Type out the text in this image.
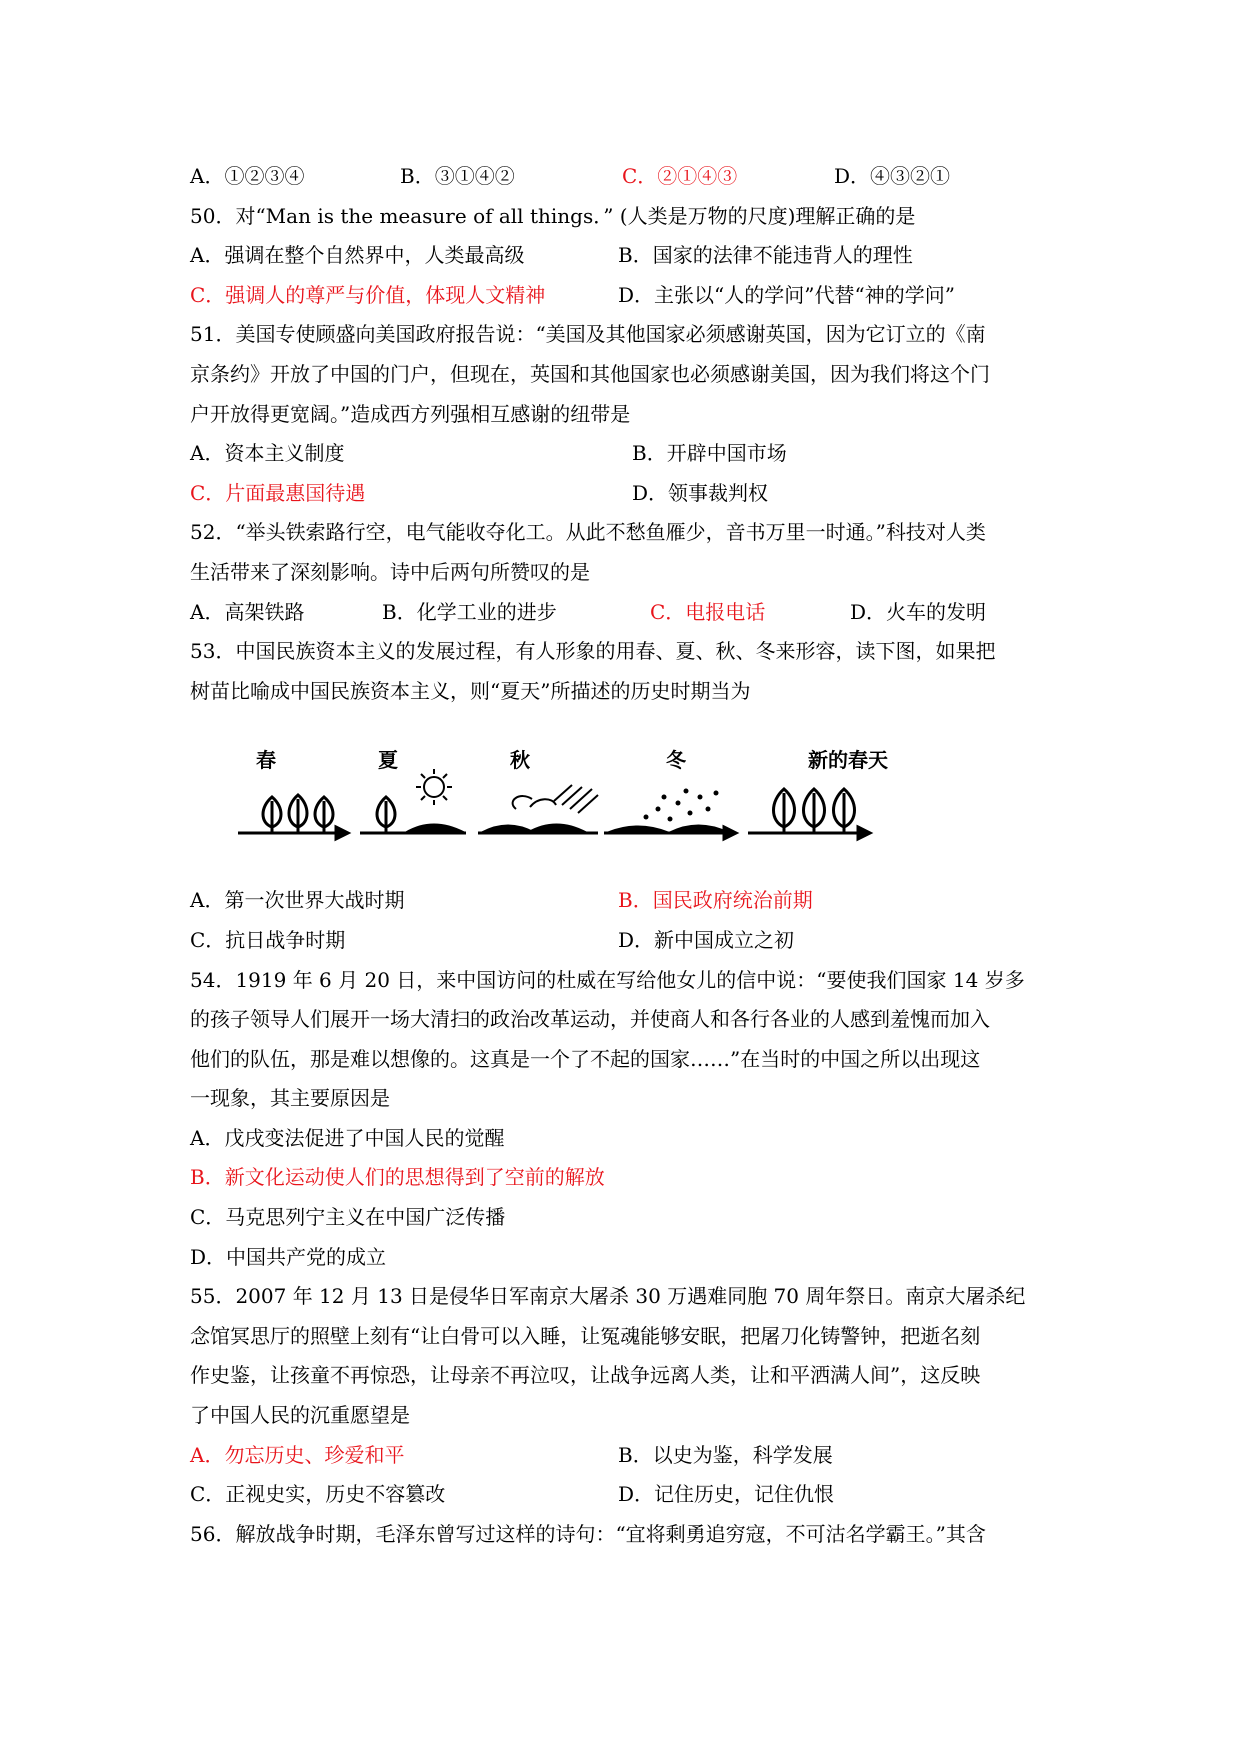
A．①②③④	B．③①④②	C．②①④③	D．④③②①
50．对“Man is the measure of all things．” (人类是万物的尺度)理解正确的是
A．强调在整个自然界中，人类最高级	B．国家的法律不能违背人的理性
C．强调人的尊严与价值，体现人文精神	D．主张以“人的学问”代替“神的学问”
51．美国专使顾盛向美国政府报告说：“美国及其他国家必须感谢英国，因为它订立的《南
京条约》开放了中国的门户，但现在，英国和其他国家也必须感谢美国，因为我们将这个门
户开放得更宽阔。”造成西方列强相互感谢的纽带是
A．资本主义制度	B．开辟中国市场
C．片面最惠国待遇	D．领事裁判权
52．“举头铁索路行空，电气能收夺化工。从此不愁鱼雁少，音书万里一时通。”科技对人类
生活带来了深刻影响。诗中后两句所赞叹的是
A．高架铁路	B．化学工业的进步	C．电报电话	D．火车的发明
53．中国民族资本主义的发展过程，有人形象的用春、夏、秋、冬来形容，读下图，如果把
树苗比喻成中国民族资本主义，则“夏天”所描述的历史时期当为
春	夏	秋	冬	新的春天
A．第一次世界大战时期	B．国民政府统治前期
C．抗日战争时期	D．新中国成立之初
54．1919 年 6 月 20 日，来中国访问的杜威在写给他女儿的信中说：“要使我们国家 14 岁多
的孩子领导人们展开一场大清扫的政治改革运动，并使商人和各行各业的人感到羞愧而加入
他们的队伍，那是难以想像的。这真是一个了不起的国家……”在当时的中国之所以出现这
一现象，其主要原因是
A．戊戌变法促进了中国人民的觉醒
B．新文化运动使人们的思想得到了空前的解放
C．马克思列宁主义在中国广泛传播
D．中国共产党的成立
55．2007 年 12 月 13 日是侵华日军南京大屠杀 30 万遇难同胞 70 周年祭日。南京大屠杀纪
念馆冥思厅的照壁上刻有“让白骨可以入睡，让冤魂能够安眠，把屠刀化铸警钟，把逝名刻
作史鉴，让孩童不再惊恐，让母亲不再泣叹，让战争远离人类，让和平洒满人间”，这反映
了中国人民的沉重愿望是
A．勿忘历史、珍爱和平	B．以史为鉴，科学发展
C．正视史实，历史不容篡改	D．记住历史，记住仇恨
56．解放战争时期，毛泽东曾写过这样的诗句：“宜将剩勇追穷寇，不可沽名学霸王。”其含
